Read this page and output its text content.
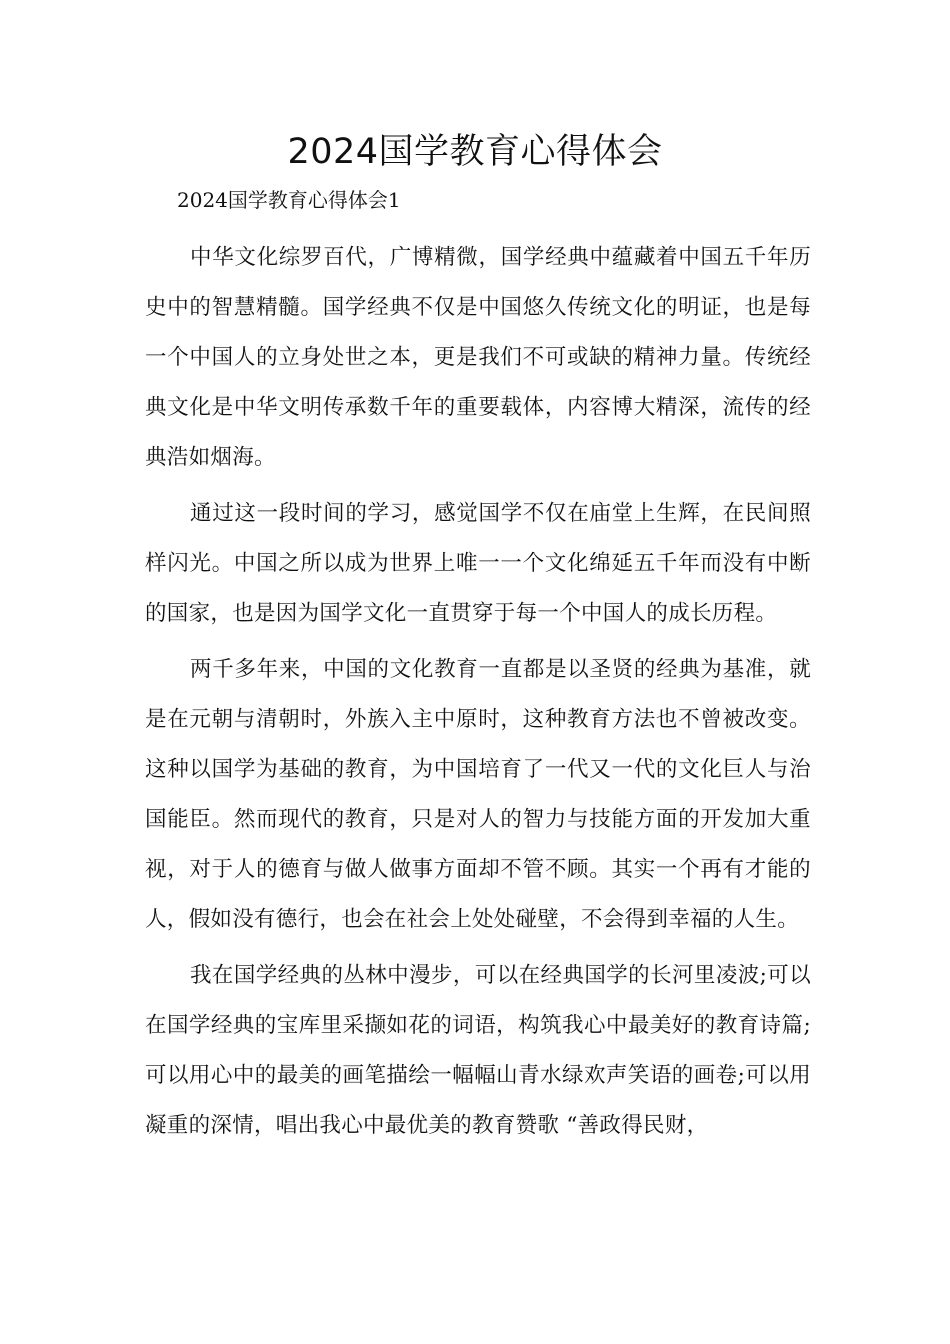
2024国学教育心得体会

2024国学教育心得体会1

中华文化综罗百代，广博精微，国学经典中蕴藏着中国五千年历史中的智慧精髓。国学经典不仅是中国悠久传统文化的明证，也是每一个中国人的立身处世之本，更是我们不可或缺的精神力量。传统经典文化是中华文明传承数千年的重要载体，内容博大精深，流传的经典浩如烟海。

通过这一段时间的学习，感觉国学不仅在庙堂上生辉，在民间照样闪光。中国之所以成为世界上唯一一个文化绵延五千年而没有中断的国家，也是因为国学文化一直贯穿于每一个中国人的成长历程。

两千多年来，中国的文化教育一直都是以圣贤的经典为基准，就是在元朝与清朝时，外族入主中原时，这种教育方法也不曾被改变。这种以国学为基础的教育，为中国培育了一代又一代的文化巨人与治国能臣。然而现代的教育，只是对人的智力与技能方面的开发加大重视，对于人的德育与做人做事方面却不管不顾。其实一个再有才能的人，假如没有德行，也会在社会上处处碰壁，不会得到幸福的人生。

我在国学经典的丛林中漫步，可以在经典国学的长河里凌波;可以在国学经典的宝库里采撷如花的词语，构筑我心中最美好的教育诗篇;可以用心中的最美的画笔描绘一幅幅山青水绿欢声笑语的画卷;可以用凝重的深情，唱出我心中最优美的教育赞歌 “善政得民财，
